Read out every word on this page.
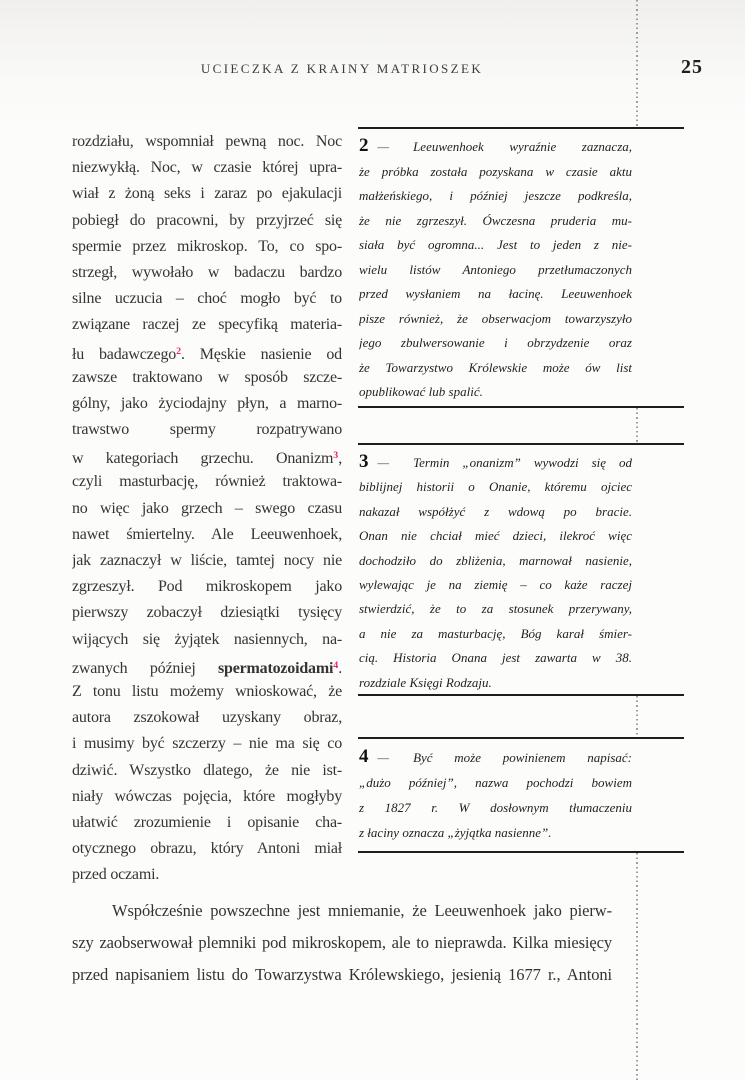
UCIECZKA Z KRAINY MATRIOSZEK	25
rozdziału, wspomniał pewną noc. Noc
niezwykłą. Noc, w czasie której upra-
wiał z żoną seks i zaraz po ejakulacji
pobiegł do pracowni, by przyjrzeć się
spermie przez mikroskop. To, co spo-
strzegł, wywołało w badaczu bardzo
silne uczucia – choć mogło być to
związane raczej ze specyfiką materia-
łu badawczego$^2$. Męskie nasienie od
zawsze traktowano w sposób szcze-
gólny, jako życiodajny płyn, a marno-
trawstwo spermy rozpatrywano
w kategoriach grzechu. Onanizm$^3$,
czyli masturbację, również traktowa-
no więc jako grzech – swego czasu
nawet śmiertelny. Ale Leeuwenhoek,
jak zaznaczył w liście, tamtej nocy nie
zgrzeszył. Pod mikroskopem jako
pierwszy zobaczył dziesiątki tysięcy
wijących się żyjątek nasiennych, na-
zwanych później spermatozoidami$^4$.
Z tonu listu możemy wnioskować, że
autora zszokował uzyskany obraz,
i musimy być szczerzy – nie ma się co
dziwić. Wszystko dlatego, że nie ist-
niały wówczas pojęcia, które mogłyby
ułatwić zrozumienie i opisanie cha-
otycznego obrazu, który Antoni miał
przed oczami.
2 — Leeuwenhoek wyraźnie zaznacza,
że próbka została pozyskana w czasie aktu
małżeńskiego, i później jeszcze podkreśla,
że nie zgrzeszył. Ówczesna pruderia mu-
siała być ogromna... Jest to jeden z nie-
wielu listów Antoniego przetłumaczonych
przed wysłaniem na łacinę. Leeuwenhoek
pisze również, że obserwacjom towarzyszyło
jego zbulwersowanie i obrzydzenie oraz
że Towarzystwo Królewskie może ów list
opublikować lub spalić.
3 — Termin „onanizm” wywodzi się od
biblijnej historii o Onanie, któremu ojciec
nakazał współżyć z wdową po bracie.
Onan nie chciał mieć dzieci, ilekroć więc
dochodziło do zbliżenia, marnował nasienie,
wylewając je na ziemię – co każe raczej
stwierdzić, że to za stosunek przerywany,
a nie za masturbację, Bóg karał śmier-
cią. Historia Onana jest zawarta w 38.
rozdziale Księgi Rodzaju.
4 — Być może powinienem napisać:
„dużo później”, nazwa pochodzi bowiem
z 1827 r. W dosłownym tłumaczeniu
z łaciny oznacza „żyjątka nasienne”.
Współcześnie powszechne jest mniemanie, że Leeuwenhoek jako pierw-
szy zaobserwował plemniki pod mikroskopem, ale to nieprawda. Kilka miesięcy
przed napisaniem listu do Towarzystwa Królewskiego, jesienią 1677 r., Antoni
